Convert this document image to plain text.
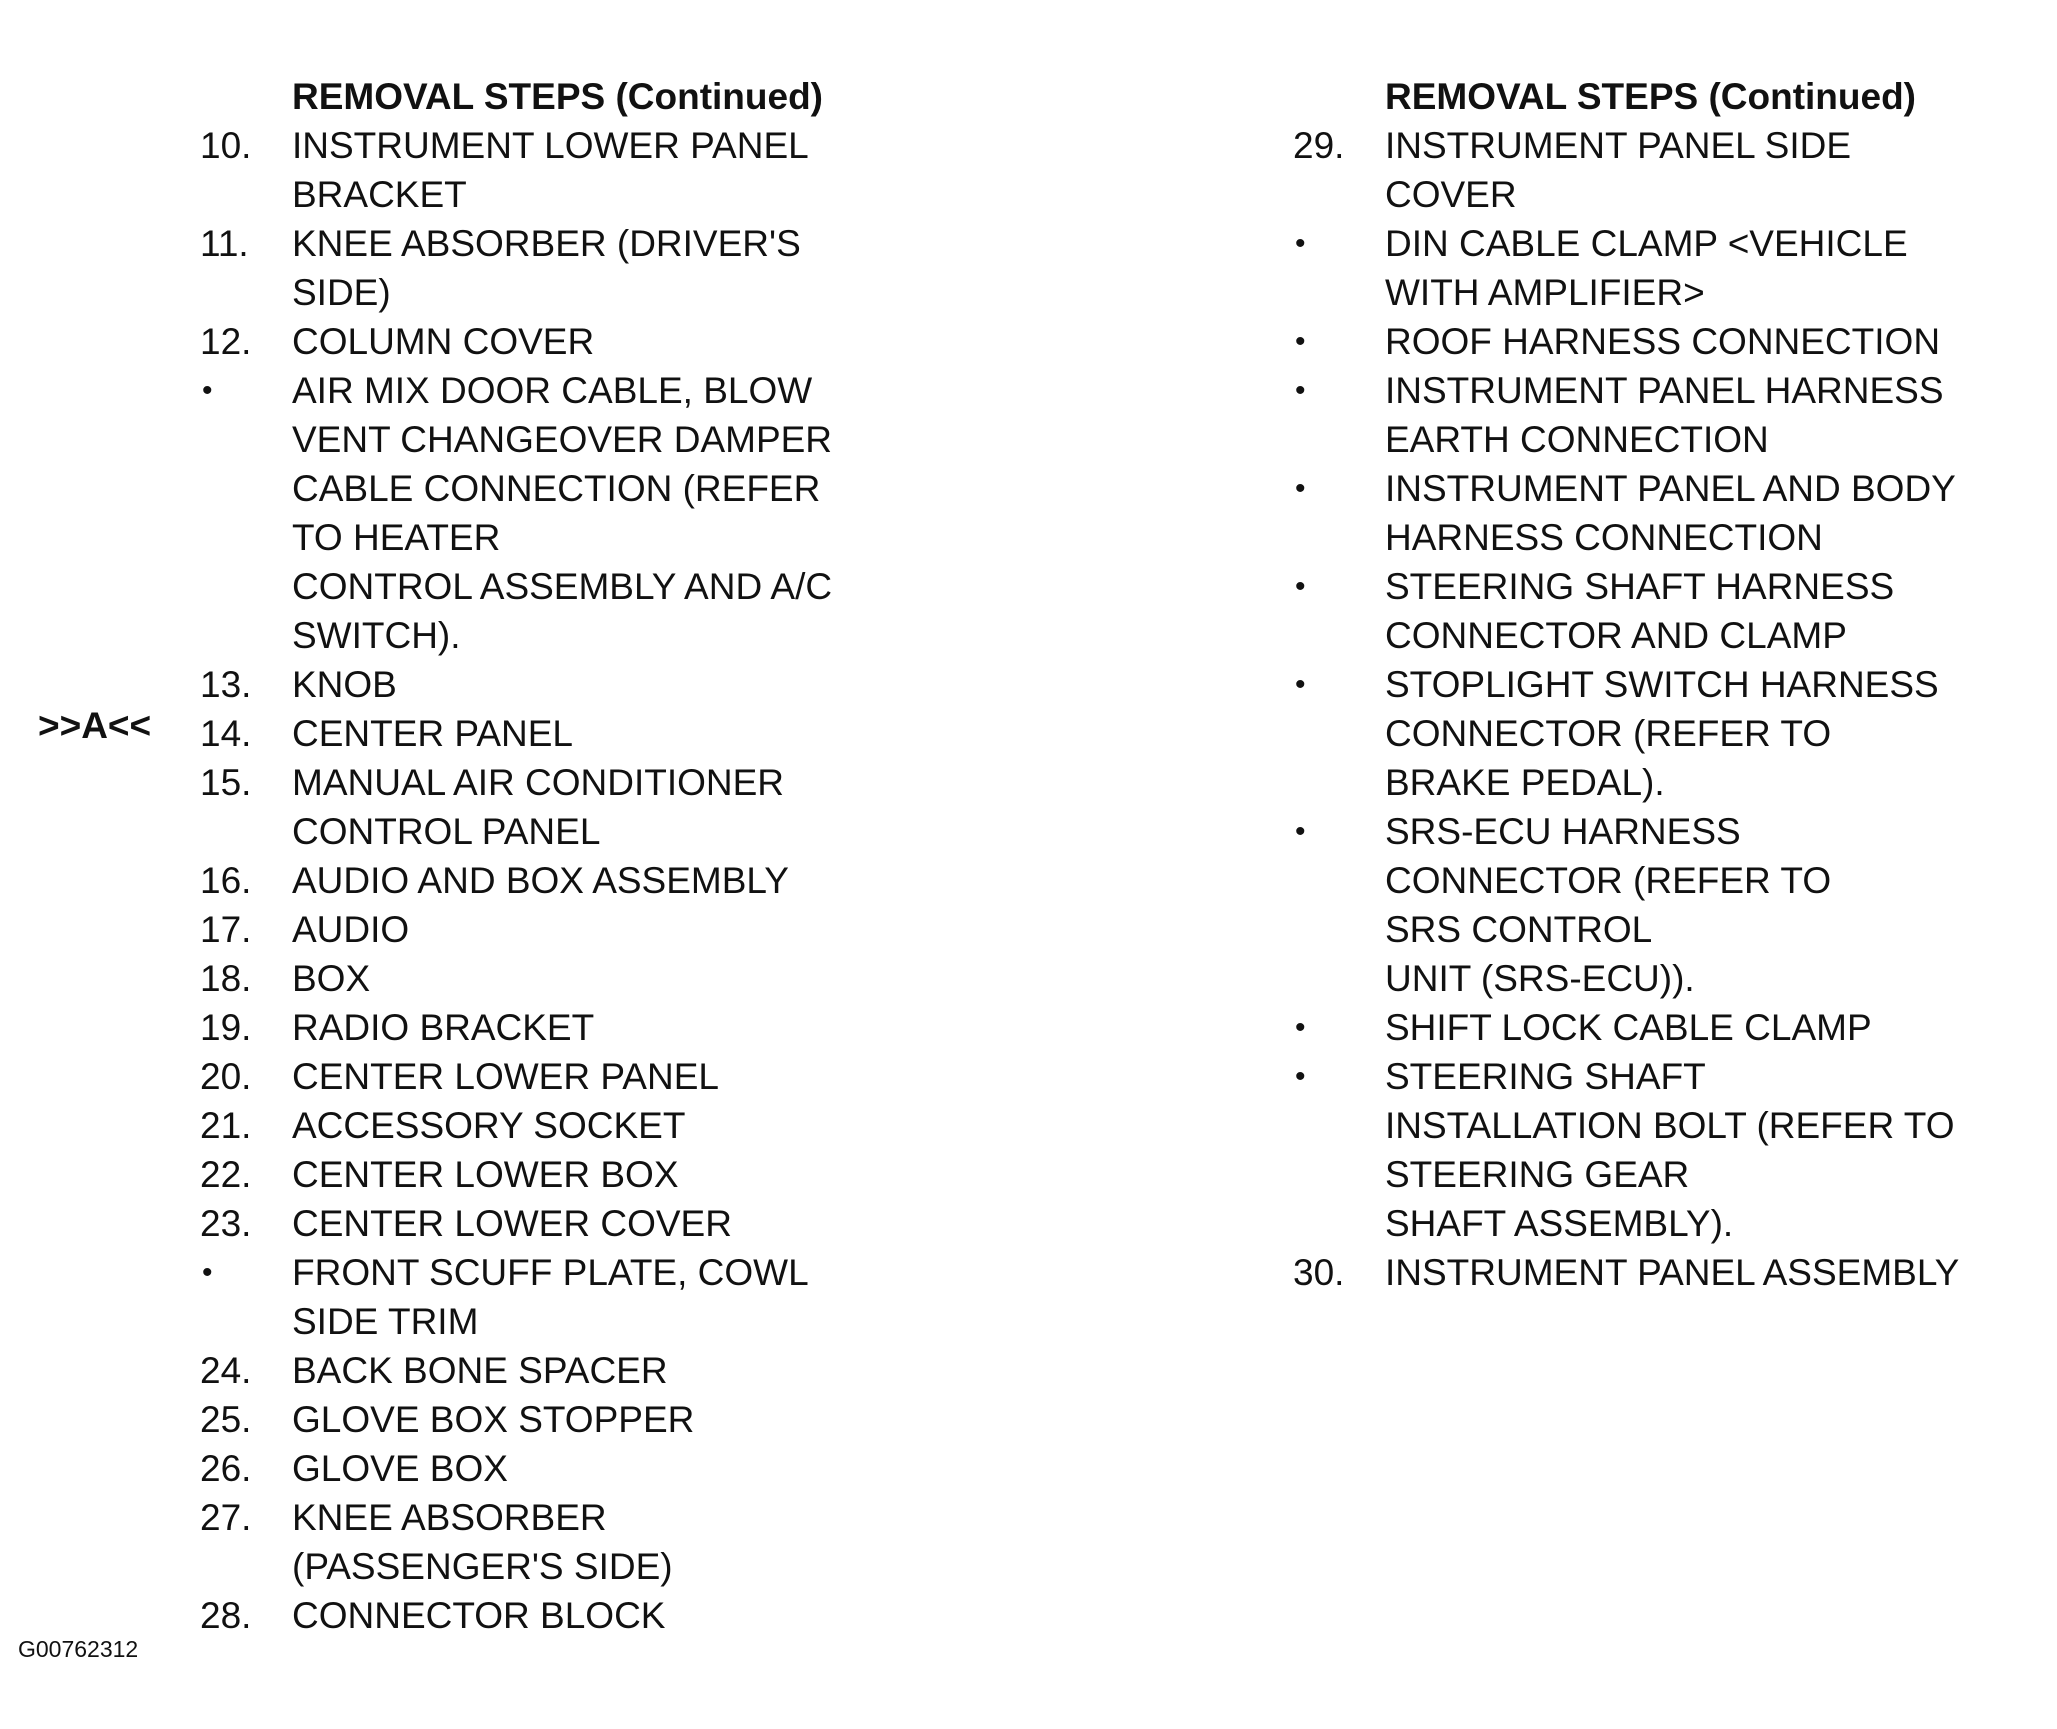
REMOVAL STEPS (Continued)
10.	INSTRUMENT LOWER PANEL
BRACKET
11.	KNEE ABSORBER (DRIVER'S
SIDE)
12.	COLUMN COVER
•	AIR MIX DOOR CABLE, BLOW
VENT CHANGEOVER DAMPER
CABLE CONNECTION (REFER
TO HEATER
CONTROL ASSEMBLY AND A/C
SWITCH).
13.	KNOB
14.	CENTER PANEL
15.	MANUAL AIR CONDITIONER
CONTROL PANEL
16.	AUDIO AND BOX ASSEMBLY
17.	AUDIO
18.	BOX
19.	RADIO BRACKET
20.	CENTER LOWER PANEL
21.	ACCESSORY SOCKET
22.	CENTER LOWER BOX
23.	CENTER LOWER COVER
•	FRONT SCUFF PLATE, COWL
SIDE TRIM
24.	BACK BONE SPACER
25.	GLOVE BOX STOPPER
26.	GLOVE BOX
27.	KNEE ABSORBER
(PASSENGER'S SIDE)
28.	CONNECTOR BLOCK
REMOVAL STEPS (Continued)
29.	INSTRUMENT PANEL SIDE
COVER
•	DIN CABLE CLAMP <VEHICLE
WITH AMPLIFIER>
•	ROOF HARNESS CONNECTION
•	INSTRUMENT PANEL HARNESS
EARTH CONNECTION
•	INSTRUMENT PANEL AND BODY
HARNESS CONNECTION
•	STEERING SHAFT HARNESS
CONNECTOR AND CLAMP
•	STOPLIGHT SWITCH HARNESS
CONNECTOR (REFER TO
BRAKE PEDAL).
•	SRS-ECU HARNESS
CONNECTOR (REFER TO
SRS CONTROL
UNIT (SRS-ECU)).
•	SHIFT LOCK CABLE CLAMP
•	STEERING SHAFT
INSTALLATION BOLT (REFER TO
STEERING GEAR
SHAFT ASSEMBLY).
30.	INSTRUMENT PANEL ASSEMBLY
>>A<<
G00762312
